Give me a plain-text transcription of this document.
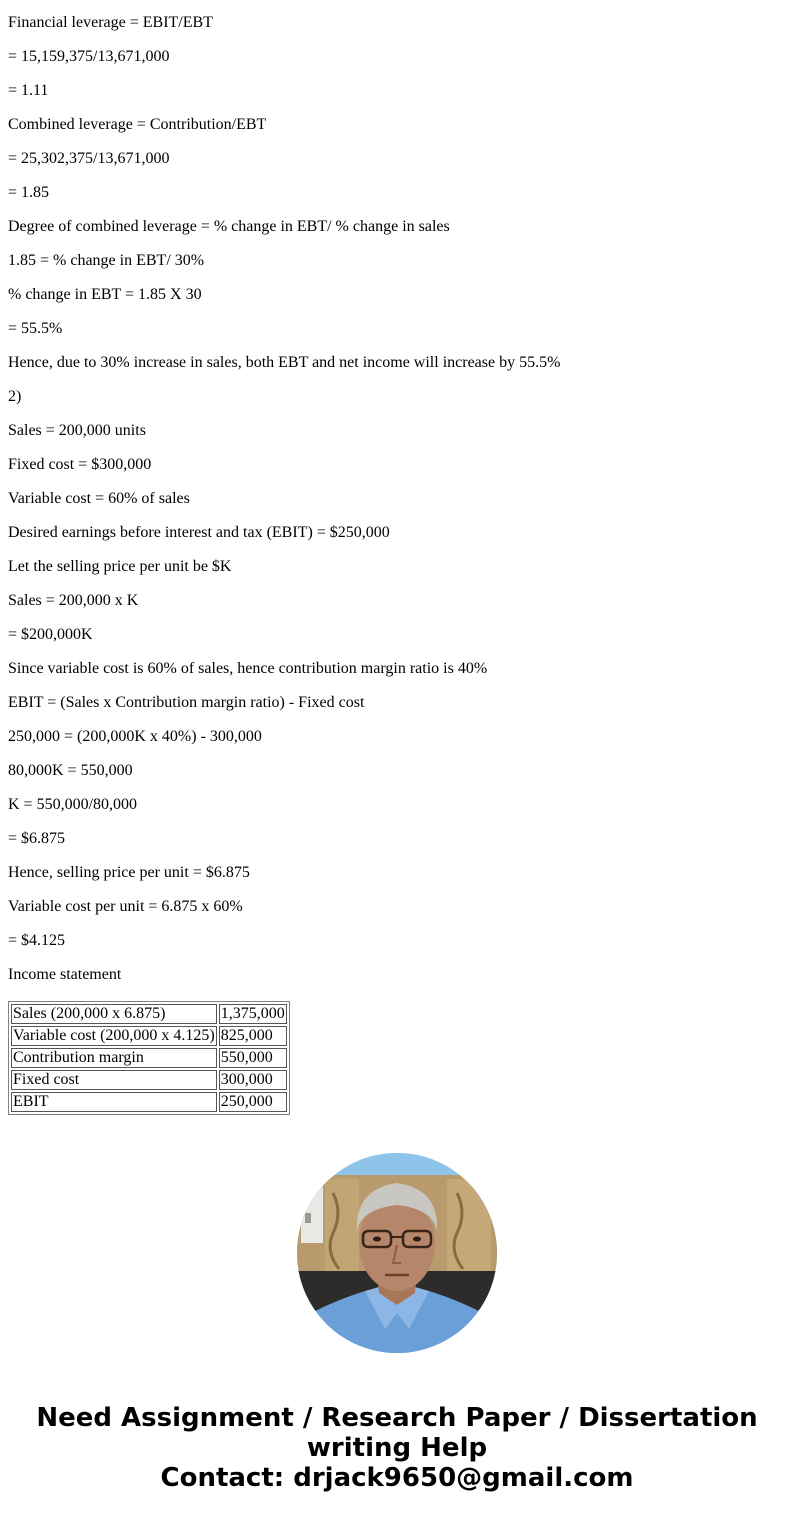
Financial leverage = EBIT/EBT

= 15,159,375/13,671,000

= 1.11

Combined leverage = Contribution/EBT

= 25,302,375/13,671,000

= 1.85

Degree of combined leverage = % change in EBT/ % change in sales

1.85 = % change in EBT/ 30%

% change in EBT = 1.85 X 30

= 55.5%

Hence, due to 30% increase in sales, both EBT and net income will increase by 55.5%

2)

Sales = 200,000 units

Fixed cost = $300,000

Variable cost = 60% of sales

Desired earnings before interest and tax (EBIT) = $250,000

Let the selling price per unit be $K

Sales = 200,000 x K

= $200,000K

Since variable cost is 60% of sales, hence contribution margin ratio is 40%

EBIT = (Sales x Contribution margin ratio) - Fixed cost

250,000 = (200,000K x 40%) - 300,000

80,000K = 550,000

K = 550,000/80,000

= $6.875

Hence, selling price per unit = $6.875

Variable cost per unit = 6.875 x 60%

= $4.125

Income statement

Sales (200,000 x 6.875)	1,375,000
Variable cost (200,000 x 4.125)	825,000
Contribution margin	550,000
Fixed cost	300,000
EBIT	250,000
Need Assignment / Research Paper / Dissertation
writing Help
Contact: drjack9650@gmail.com
